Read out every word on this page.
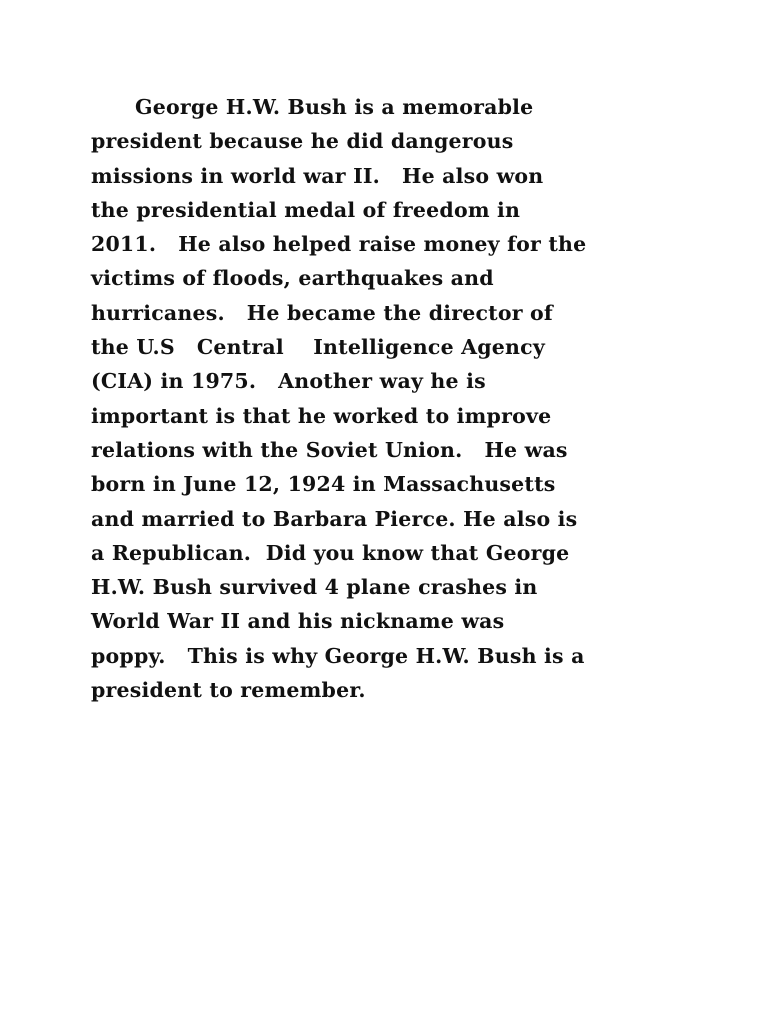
George H.W. Bush is a memorable
president because he did dangerous
missions in world war II.   He also won
the presidential medal of freedom in
2011.   He also helped raise money for the
victims of floods, earthquakes and
hurricanes.   He became the director of
the U.S   Central    Intelligence Agency
(CIA) in 1975.   Another way he is
important is that he worked to improve
relations with the Soviet Union.   He was
born in June 12, 1924 in Massachusetts
and married to Barbara Pierce. He also is
a Republican.  Did you know that George
H.W. Bush survived 4 plane crashes in
World War II and his nickname was
poppy.   This is why George H.W. Bush is a
president to remember.
